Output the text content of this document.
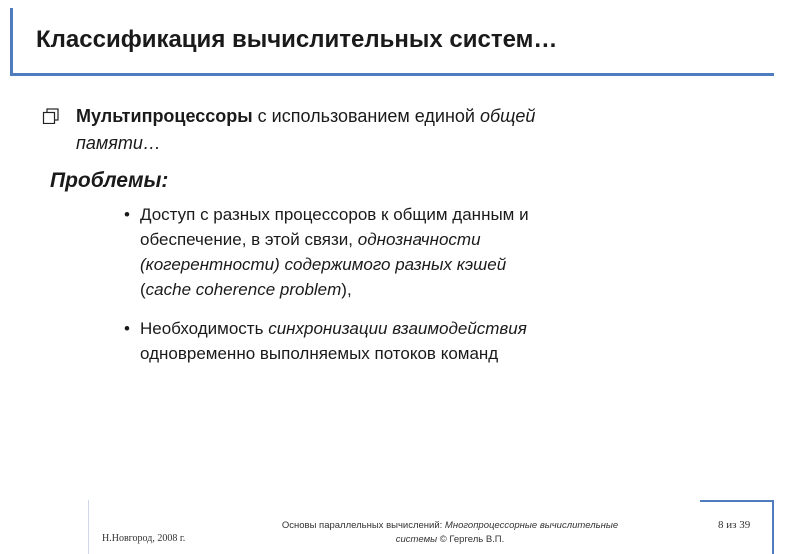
Классификация вычислительных систем…
Мультипроцессоры с использованием единой общей
памяти…
Проблемы:
• Доступ с разных процессоров к общим данным и
обеспечение, в этой связи, однозначности
(когерентности) содержимого разных кэшей
(cache coherence problem),
• Необходимость синхронизации взаимодействия
одновременно выполняемых потоков команд
Н.Новгород, 2008 г.
Основы параллельных вычислений: Многопроцессорные вычислительные
системы © Гергель В.П.
8 из 39
